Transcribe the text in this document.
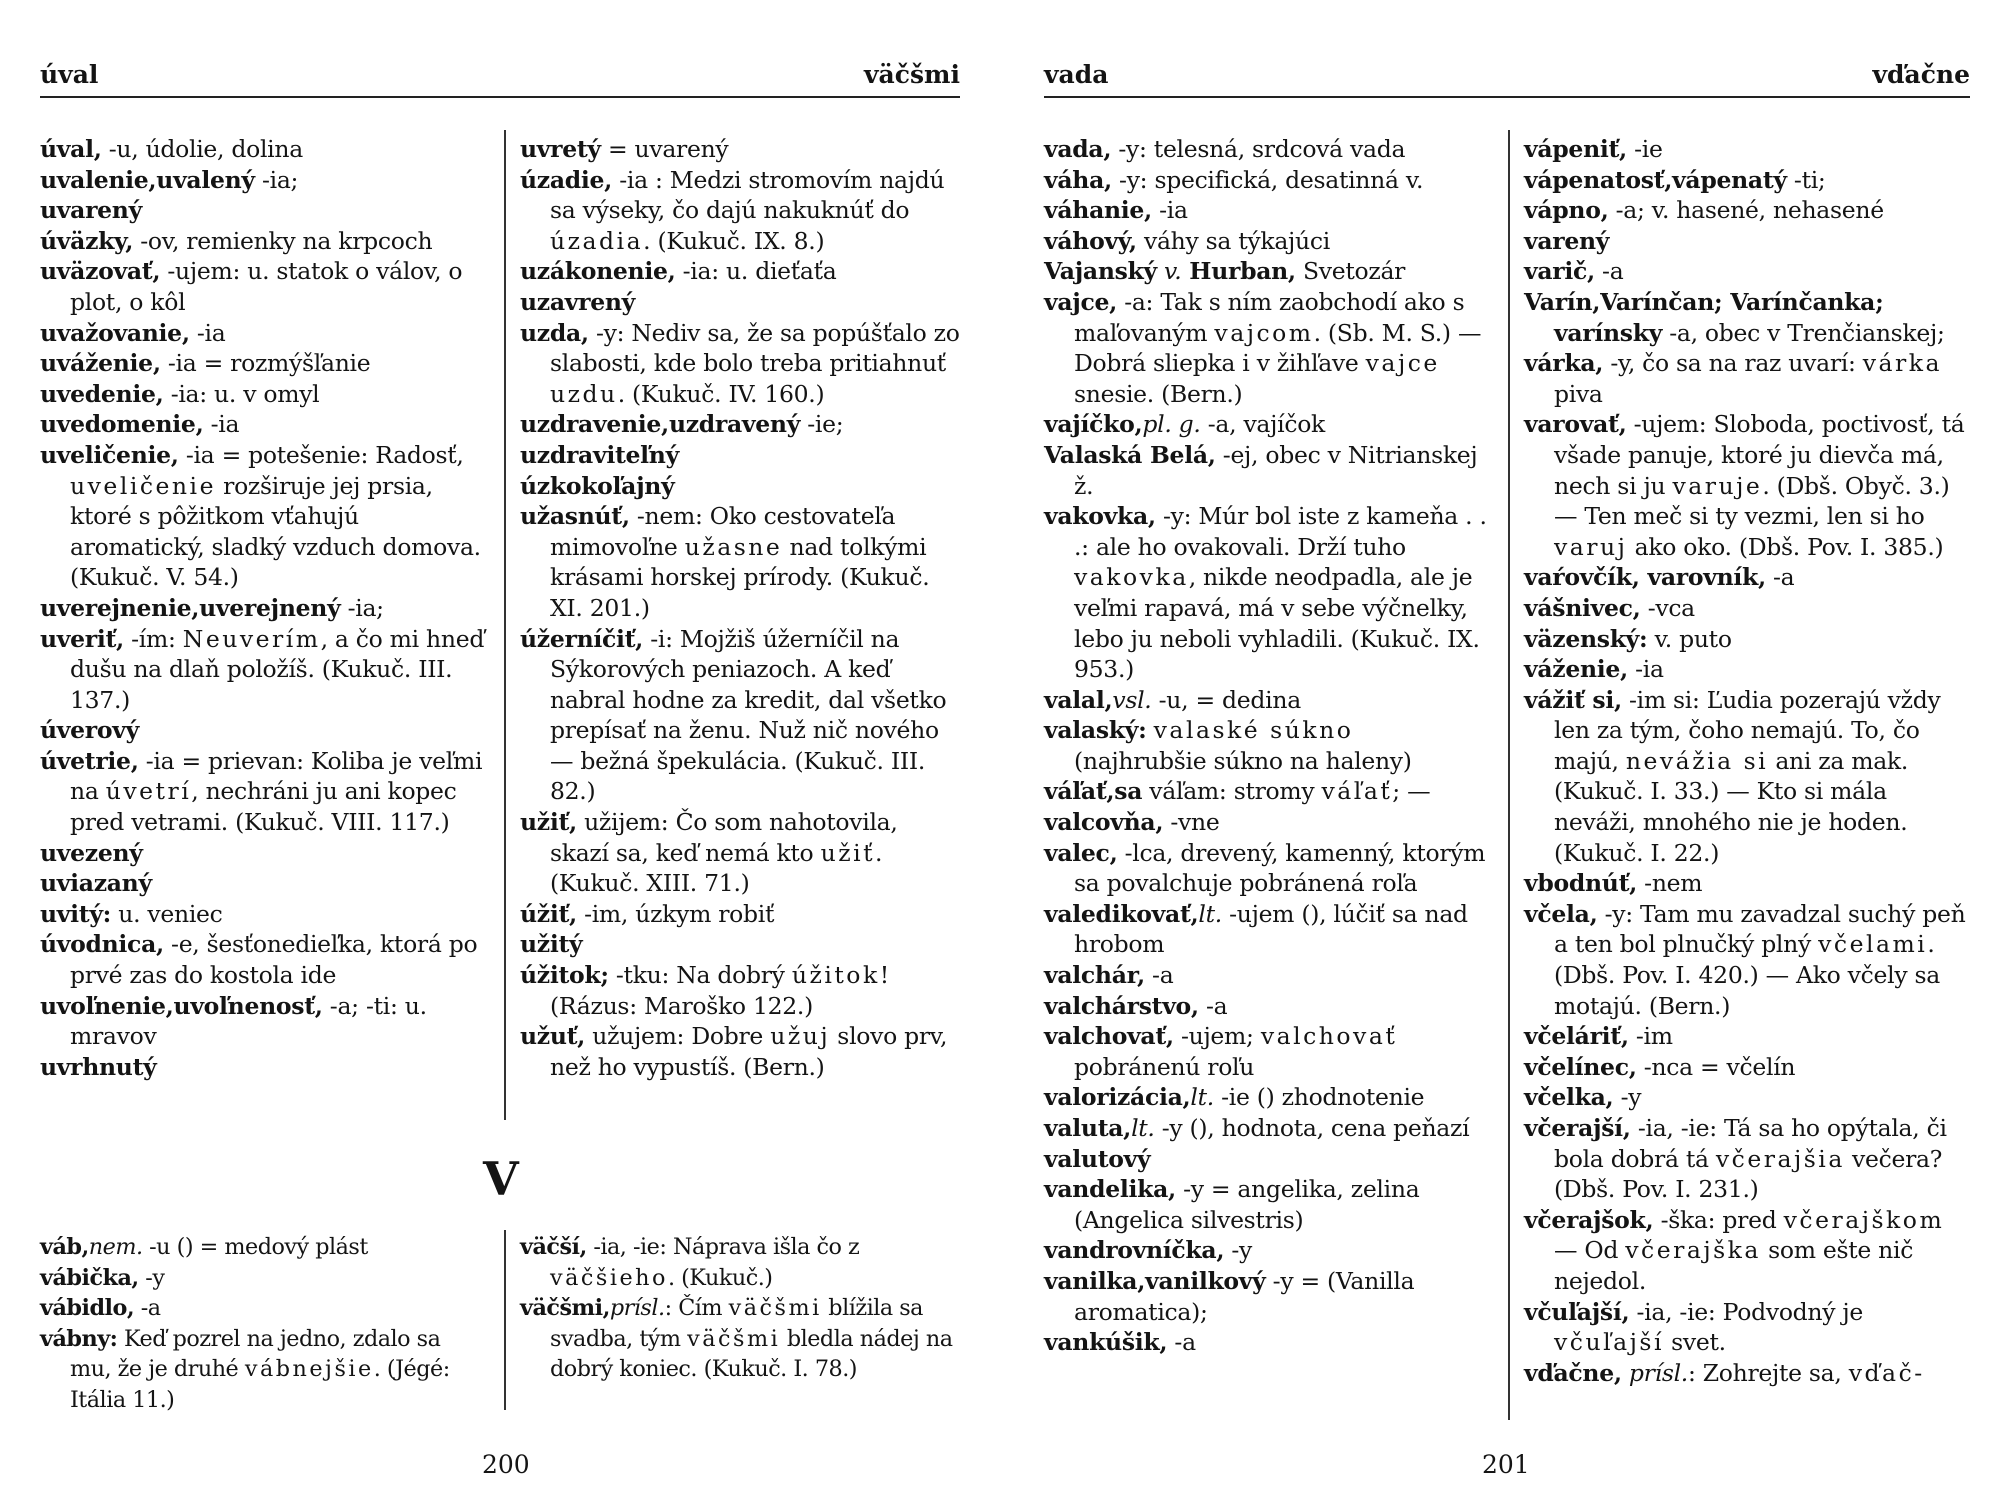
úval	väčšmi
úval, -u, údolie, dolina
uvalenie,uvalený -ia;
uvarený
úväzky, -ov, remienky na krpcoch
uväzovať, -ujem: u. statok o válov, o plot, o kôl
uvažovanie, -ia
uváženie, -ia = rozmýšľanie
uvedenie, -ia: u. v omyl
uvedomenie, -ia
uveličenie, -ia = potešenie: Radosť, uveličenie rozširuje jej prsia, ktoré s pôžitkom vťahujú aromatický, sladký vzduch domova. (Kukuč. V. 54.)
uverejnenie,uverejnený -ia;
uveriť, -ím: Neuverím, a čo mi hneď dušu na dlaň položíš. (Kukuč. III. 137.)
úverový
úvetrie, -ia = prievan: Koliba je veľmi na úvetrí, nechráni ju ani kopec pred vetrami. (Kukuč. VIII. 117.)
uvezený
uviazaný
uvitý: u. veniec
úvodnica, -e, šesťonedieľka, ktorá po prvé zas do kostola ide
uvoľnenie,uvoľnenosť, -a; -ti: u. mravov
uvrhnutý
uvretý = uvarený
úzadie, -ia : Medzi stromovím najdú sa výseky, čo dajú nakuknúť do úzadia. (Kukuč. IX. 8.)
uzákonenie, -ia: u. dieťaťa
uzavrený
uzda, -y: Nediv sa, že sa popúšťalo zo slabosti, kde bolo treba pritiahnuť uzdu. (Kukuč. IV. 160.)
uzdravenie,uzdravený -ie;
uzdraviteľný
úzkokoľajný
užasnúť, -nem: Oko cestovateľa mimovoľne užasne nad tolkými krásami horskej prírody. (Kukuč. XI. 201.)
úžerníčiť, -i: Mojžiš úžerníčil na Sýkorových peniazoch. A keď nabral hodne za kredit, dal všetko prepísať na ženu. Nuž nič nového — bežná špekulácia. (Kukuč. III. 82.)
užiť, užijem: Čo som nahotovila, skazí sa, keď nemá kto užiť. (Kukuč. XIII. 71.)
úžiť, -im, úzkym robiť
užitý
úžitok; -tku: Na dobrý úžitok! (Rázus: Maroško 122.)
užuť, užujem: Dobre užuj slovo prv, než ho vypustíš. (Bern.)
V
váb,nem. -u () = medový plást
vábička, -y
vábidlo, -a
vábny: Keď pozrel na jedno, zdalo sa mu, že je druhé vábnejšie. (Jégé: Itália 11.)
väčší, -ia, -ie: Náprava išla čo z väčšieho. (Kukuč.)
väčšmi,prísl.: Čím väčšmi blížila sa svadba, tým väčšmi bledla nádej na dobrý koniec. (Kukuč. I. 78.)
200
vada	vďačne
vada, -y: telesná, srdcová vada
váha, -y: specifická, desatinná v.
váhanie, -ia
váhový, váhy sa týkajúci
Vajanský v. Hurban, Svetozár
vajce, -a: Tak s ním zaobchodí ako s maľovaným vajcom. (Sb. M. S.) — Dobrá sliepka i v žihľave vajce snesie. (Bern.)
vajíčko,pl. g. -a, vajíčok
Valaská Belá, -ej, obec v Nitrianskej ž.
vakovka, -y: Múr bol iste z kameňa . . .: ale ho ovakovali. Drží tuho vakovka, nikde neodpadla, ale je veľmi rapavá, má v sebe výčnelky, lebo ju neboli vyhladili. (Kukuč. IX. 953.)
valal,vsl. -u, = dedina
valaský: valaské súkno (najhrubšie súkno na haleny)
váľať,sa váľam: stromy váľať; —
valcovňa, -vne
valec, -lca, drevený, kamenný, ktorým sa povalchuje pobránená roľa
valedikovať,lt. -ujem (), lúčiť sa nad hrobom
valchár, -a
valchárstvo, -a
valchovať, -ujem; valchovať pobránenú roľu
valorizácia,lt. -ie () zhodnotenie
valuta,lt. -y (), hodnota, cena peňazí
valutový
vandelika, -y = angelika, zelina (Angelica silvestris)
vandrovníčka, -y
vanilka,vanilkový -y = (Vanilla aromatica);
vankúšik, -a
vápeniť, -ie
vápenatosť,vápenatý -ti;
vápno, -a; v. hasené, nehasené
varený
varič, -a
Varín,Varínčan; Varínčanka; varínsky -a, obec v Trenčianskej;
várka, -y, čo sa na raz uvarí: várka piva
varovať, -ujem: Sloboda, poctivosť, tá všade panuje, ktoré ju dievča má, nech si ju varuje. (Dbš. Obyč. 3.) — Ten meč si ty vezmi, len si ho varuj ako oko. (Dbš. Pov. I. 385.)
vaŕovčík, varovník, -a
vášnivec, -vca
väzenský: v. puto
váženie, -ia
vážiť si, -im si: Ľudia pozerajú vždy len za tým, čoho nemajú. To, čo majú, nevážia si ani za mak. (Kukuč. I. 33.) — Kto si mála neváži, mnohého nie je hoden. (Kukuč. I. 22.)
vbodnúť, -nem
včela, -y: Tam mu zavadzal suchý peň a ten bol plnučký plný včelami. (Dbš. Pov. I. 420.) — Ako včely sa motajú. (Bern.)
včeláriť, -im
včelínec, -nca = včelín
včelka, -y
včerajší, -ia, -ie: Tá sa ho opýtala, či bola dobrá tá včerajšia večera? (Dbš. Pov. I. 231.)
včerajšok, -ška: pred včerajškom — Od včerajška som ešte nič nejedol.
včuľajší, -ia, -ie: Podvodný je včuľajší svet.
vďačne, prísl.: Zohrejte sa, vďač-
201
